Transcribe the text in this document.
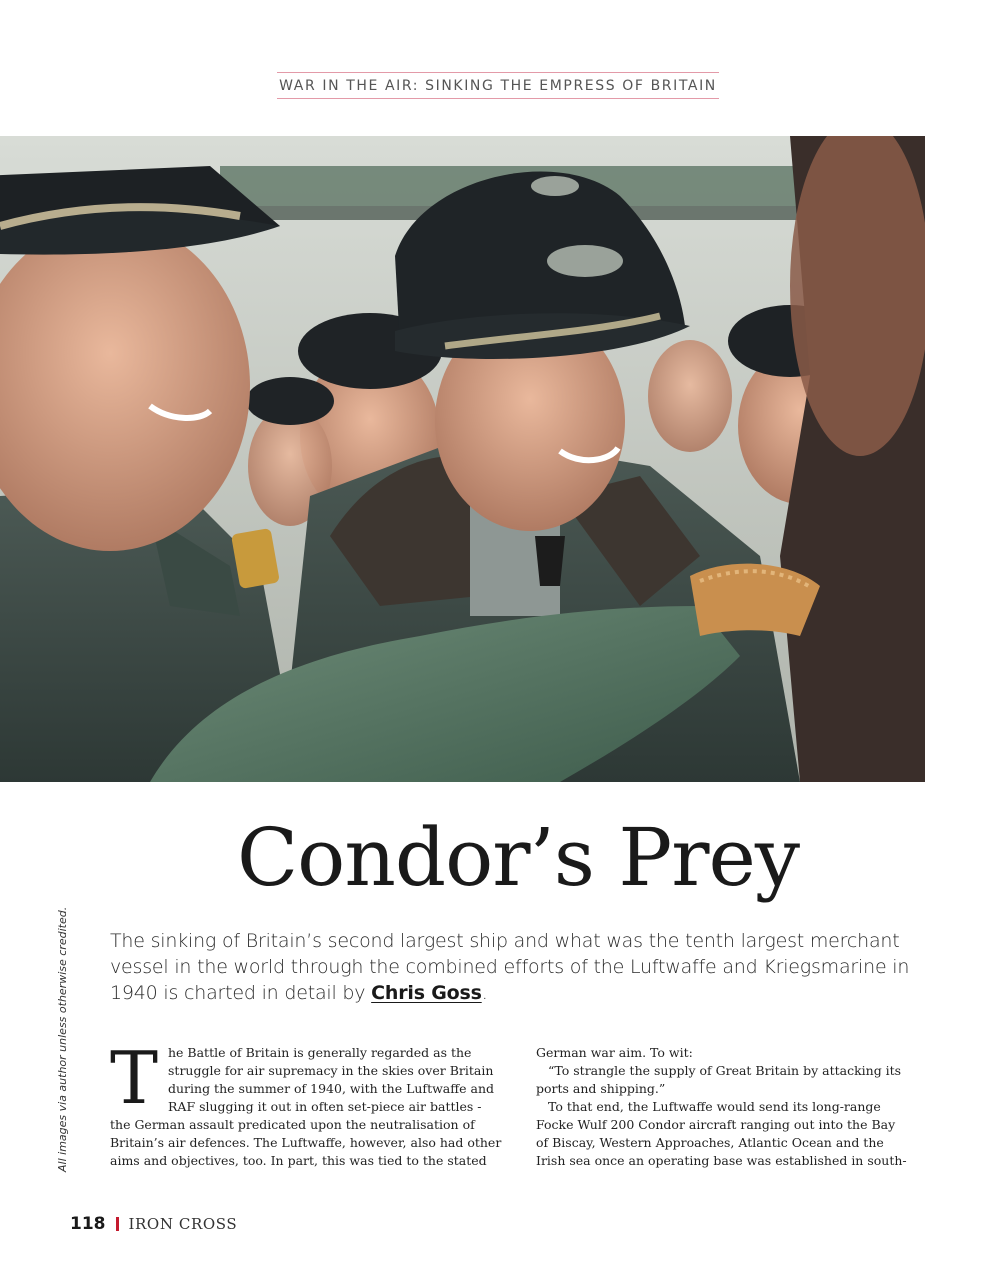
WAR IN THE AIR: SINKING THE EMPRESS OF BRITAIN
Condor’s Prey
All images via author unless otherwise credited. The sinking of Britain’s second largest ship and what was the tenth largest merchant vessel in the world through the combined efforts of the Luftwaffe and Kriegsmarine in 1940 is charted in detail by Chris Goss.
T he Battle of Britain is generally regarded as the
struggle for air supremacy in the skies over Britain
during the summer of 1940, with the Luftwaffe and
RAF slugging it out in often set-piece air battles -
the German assault predicated upon the neutralisation of
Britain’s air defences. The Luftwaffe, however, also had other
aims and objectives, too. In part, this was tied to the stated

German war aim. To wit:
“To strangle the supply of Great Britain by attacking its
ports and shipping.”
To that end, the Luftwaffe would send its long-range
Focke Wulf 200 Condor aircraft ranging out into the Bay
of Biscay, Western Approaches, Atlantic Ocean and the
Irish sea once an operating base was established in south-

118 IRON CROSS
